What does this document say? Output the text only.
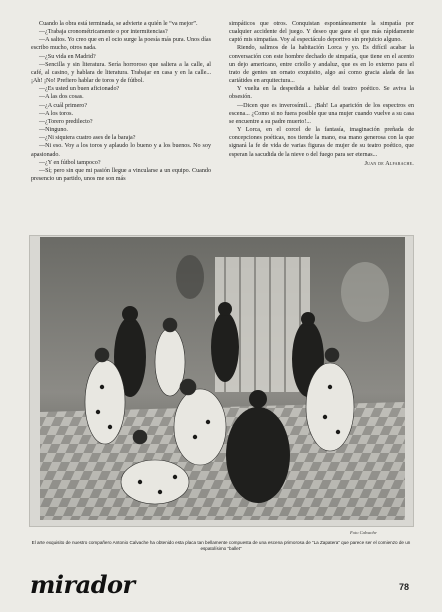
Cuando la obra está terminada, se advierte a quién le “va mejor”.

—¿Trabaja cronométricamente o por intermitencias?

—A saltos. Yo creo que en el ocio surge la poesía más pura. Unos días escribo mucho, otros nada.

—¿Su vida en Madrid?

—Sencilla y sin literatura. Sería horroroso que saliera a la calle, al café, al casino, y hablara de literatura. Trabajar en casa y en la calle... ¡Ah! ¡No! Prefiero hablar de toros y de fútbol.

—¿Es usted un buen aficionado?

—A las dos cosas.

—¿A cuál primero?

—A los toros.

—¿Torero predilecto?

—Ninguno.

—¿Ni siquiera cuatro ases de la baraja?

—Ni eso. Voy a los toros y aplaudo lo bueno y a los buenos. No soy apasionado.

—¿Y en fútbol tampoco?

—Sí; pero sin que mi pasión llegue a vincularse a un equipo. Cuando presencio un partido, unos me son más

simpáticos que otros. Conquistan espontáneamente la simpatía por cualquier accidente del juego. Y deseo que gane el que más rápidamente captó mis simpatías. Voy al espectáculo deportivo sin prejuicio alguno.

Riendo, salimos de la habitación Lorca y yo. Es difícil acabar la conversación con este hombre dechado de simpatía, que tiene en el acento un dejo americano, entre criollo y andaluz, que es en lo externo para el trato de gentes un ornato exquisito, algo así como gracia alada de las cariátides en arquitectura...

Y vuelta en la despedida a hablar del teatro poético. Se aviva la obsesión.

—Dicen que es inverosímil... ¡Bah! La aparición de los espectros en escena... ¿Como si no fuera posible que una mujer cuando vuelve a su casa se encuentre a su padre muerto!...

Y Lorca, en el corcel de la fantasía, imaginación preñada de concepciones poéticas, nos tiende la mano, esa mano generosa con la que signará la fe de vida de varias figuras de mujer de su teatro poético, que esperan la sacudida de la nieve o del fuego para ser eternas...

Juan de Alfarache.
Foto Calvache
El arte exquisito de nuestro compañero Antonio Calvache ha obtenido esta placa tan bellamente compuesta de una escena primorosa de “La Zapatera” que parece ser el comienzo de un espatolísimo “ballet”
mirador	78
